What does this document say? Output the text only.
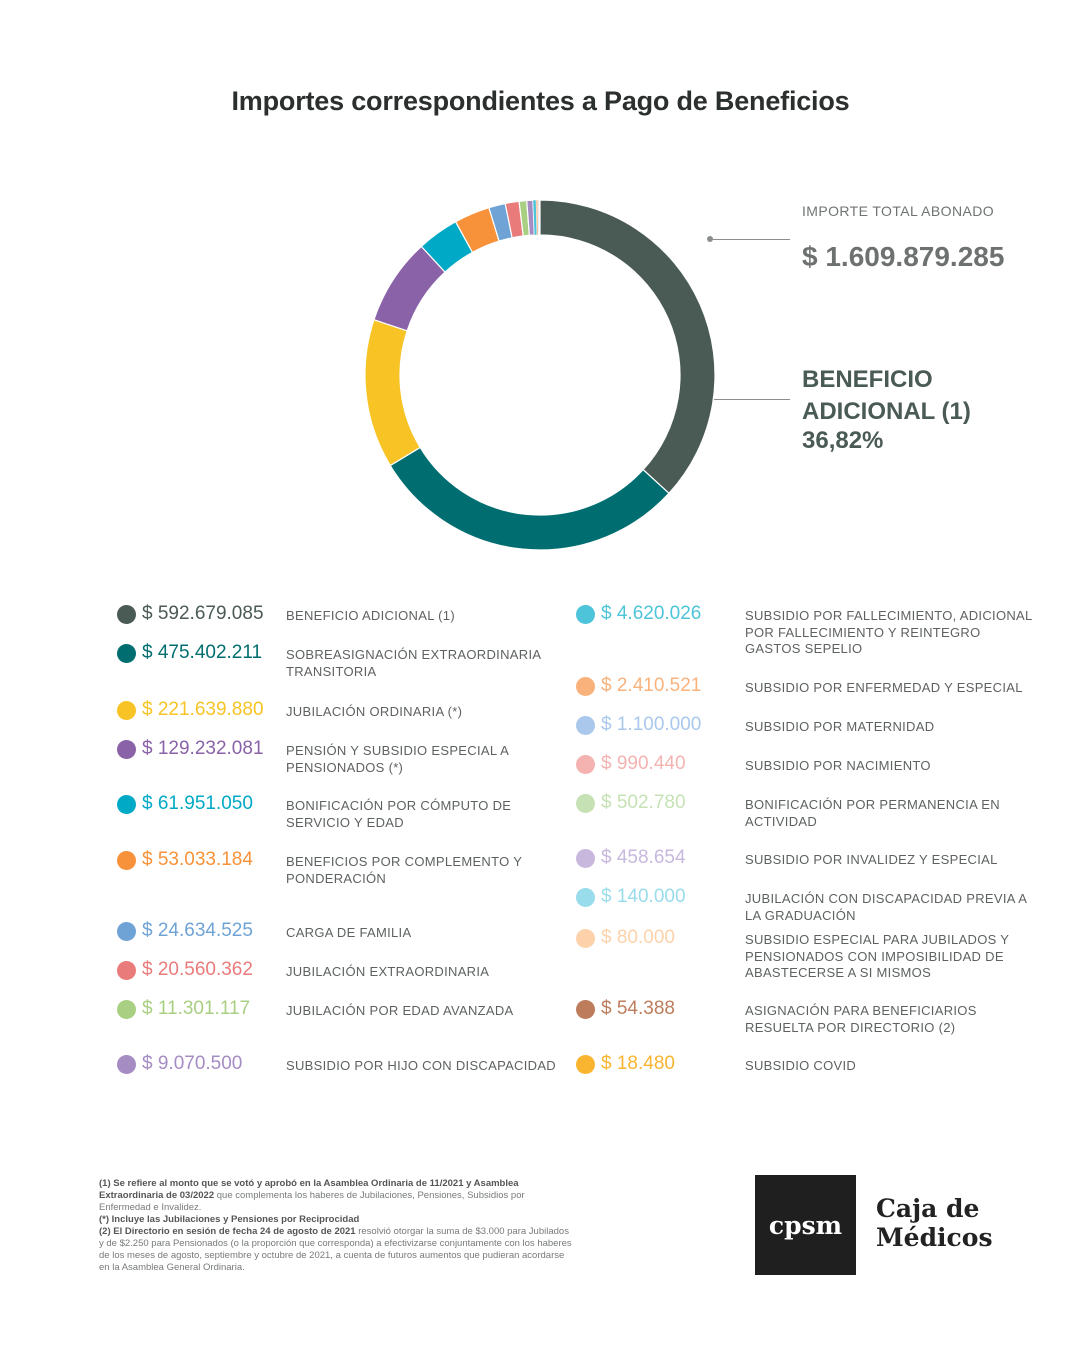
Importes correspondientes a Pago de Beneficios
IMPORTE TOTAL ABONADO
$ 1.609.879.285
BENEFICIO ADICIONAL (1)
36,82%
$ 592.679.085 BENEFICIO ADICIONAL (1)
$ 475.402.211 SOBREASIGNACIÓN EXTRAORDINARIA TRANSITORIA
$ 221.639.880 JUBILACIÓN ORDINARIA (*)
$ 129.232.081 PENSIÓN Y SUBSIDIO ESPECIAL A PENSIONADOS (*)
$ 61.951.050	BONIFICACIÓN POR CÓMPUTO DE SERVICIO Y EDAD
$ 53.033.184	BENEFICIOS POR COMPLEMENTO Y PONDERACIÓN
$ 24.634.525	CARGA DE FAMILIA
$ 20.560.362	JUBILACIÓN EXTRAORDINARIA
$ 11.301.117	JUBILACIÓN POR EDAD AVANZADA
$ 9.070.500	SUBSIDIO POR HIJO CON DISCAPACIDAD
$ 4.620.026	SUBSIDIO POR FALLECIMIENTO, ADICIONAL POR FALLECIMIENTO Y REINTEGRO GASTOS SEPELIO
$ 2.410.521	SUBSIDIO POR ENFERMEDAD Y ESPECIAL
$ 1.100.000	SUBSIDIO POR MATERNIDAD
$ 990.440	SUBSIDIO POR NACIMIENTO
$ 502.780	BONIFICACIÓN POR PERMANENCIA EN ACTIVIDAD
$ 458.654	SUBSIDIO POR INVALIDEZ Y ESPECIAL
$ 140.000	JUBILACIÓN CON DISCAPACIDAD PREVIA A LA GRADUACIÓN
$ 80.000	SUBSIDIO ESPECIAL PARA JUBILADOS Y PENSIONADOS CON IMPOSIBILIDAD DE ABASTECERSE A SI MISMOS
$ 54.388	ASIGNACIÓN PARA BENEFICIARIOS RESUELTA POR DIRECTORIO (2)
$ 18.480	SUBSIDIO COVID

(1) Se refiere al monto que se votó y aprobó en la Asamblea Ordinaria de 11/2021 y Asamblea Extraordinaria de 03/2022 que complementa los haberes de Jubilaciones, Pensiones, Subsidios por Enfermedad e Invalidez.

(*) Incluye las Jubilaciones y Pensiones por Reciprocidad

(2) El Directorio en sesión de fecha 24 de agosto de 2021 resolvió otorgar la suma de $3.000 para Jubilados y de $2.250 para Pensionados (o la proporción que corresponda) a efectivizarse conjuntamente con los haberes de los meses de agosto, septiembre y octubre de 2021, a cuenta de futuros aumentos que pudieran acordarse en la Asamblea General Ordinaria.

cpsm
Caja de
Médicos
